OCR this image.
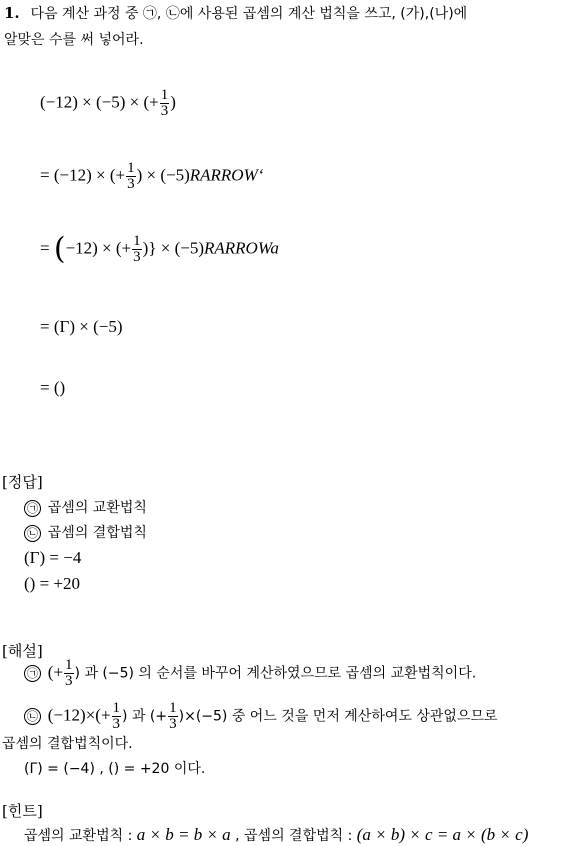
1. 다음 계산 과정 중 ㉠, ㉡에 사용된 곱셈의 계산 법칙을 쓰고, (가),(나)에
알맞은 수를 써 넣어라.
(−12) × (−5) × (+ $\frac{1}{3}$ )
= (−12) × (+ $\frac{1}{3}$ ) × (−5)RARROW‘
= (−12) × (+ $\frac{1}{3}$ )} × (−5)RARROWa
= (Γ) × (−5)
= ()
[정답]
㉠ 곱셈의 교환법칙
㉡ 곱셈의 결합법칙
(Γ) = −4
() = +20
[해설]
㉠ (+ $\frac{1}{3}$ ) 과 (−5) 의 순서를 바꾸어 계산하였으므로 곱셈의 교환법칙이다.
㉡ $(-12)\times(+ \frac{1}{3}$ ) 과 (+ $\frac{1}{3} )\times(-5)$ 중 어느 것을 먼저 계산하여도 상관없으므로
곱셈의 결합법칙이다.
(Γ) = (−4) , () = +20 이다.
[힌트]
곱셈의 교환법칙 : a × b = b × a , 곱셈의 결합법칙 : (a × b) × c = a × (b × c)
